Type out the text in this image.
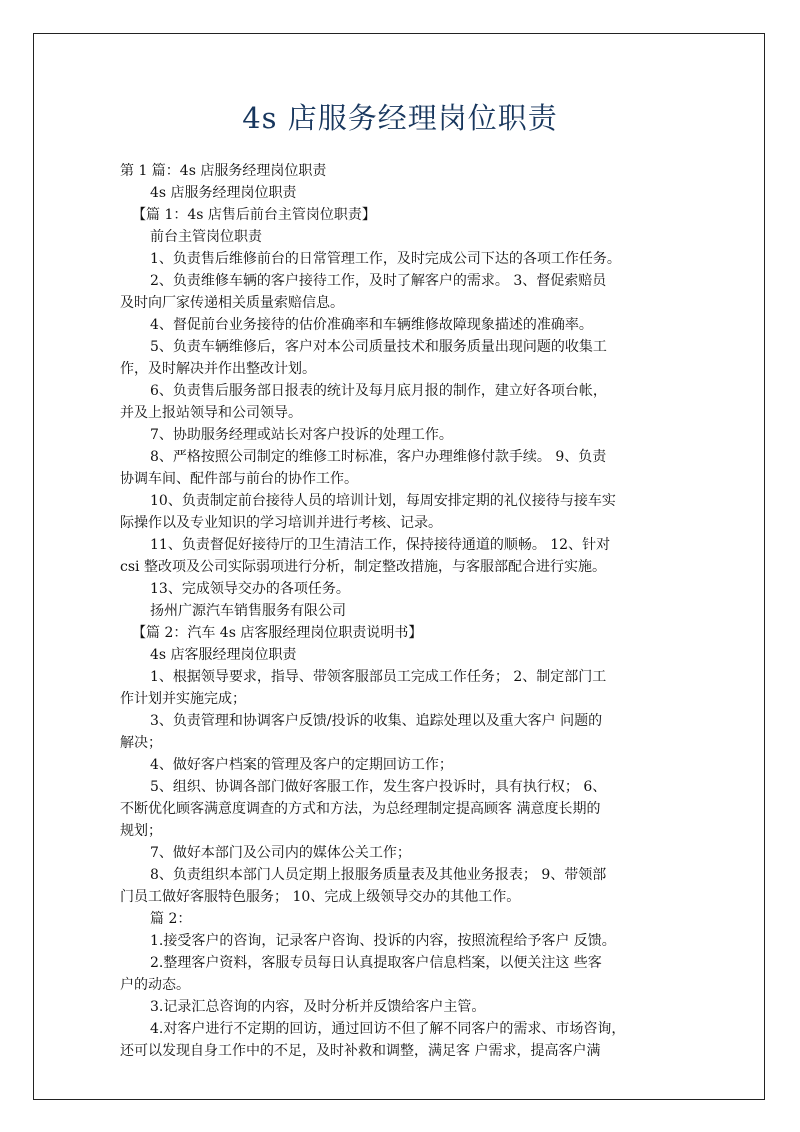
4s 店服务经理岗位职责
第 1 篇：4s 店服务经理岗位职责
4s 店服务经理岗位职责
【篇 1：4s 店售后前台主管岗位职责】
前台主管岗位职责
1、负责售后维修前台的日常管理工作，及时完成公司下达的各项工作任务。
2、负责维修车辆的客户接待工作，及时了解客户的需求。 3、督促索赔员
及时向厂家传递相关质量索赔信息。
4、督促前台业务接待的估价准确率和车辆维修故障现象描述的准确率。
5、负责车辆维修后，客户对本公司质量技术和服务质量出现问题的收集工
作，及时解决并作出整改计划。
6、负责售后服务部日报表的统计及每月底月报的制作，建立好各项台帐，
并及上报站领导和公司领导。
7、协助服务经理或站长对客户投诉的处理工作。
8、严格按照公司制定的维修工时标准，客户办理维修付款手续。 9、负责
协调车间、配件部与前台的协作工作。
10、负责制定前台接待人员的培训计划，每周安排定期的礼仪接待与接车实
际操作以及专业知识的学习培训并进行考核、记录。
11、负责督促好接待厅的卫生清洁工作，保持接待通道的顺畅。 12、针对
csi 整改项及公司实际弱项进行分析，制定整改措施，与客服部配合进行实施。
13、完成领导交办的各项任务。
扬州广源汽车销售服务有限公司
【篇 2：汽车 4s 店客服经理岗位职责说明书】
4s 店客服经理岗位职责
1、根据领导要求，指导、带领客服部员工完成工作任务； 2、制定部门工
作计划并实施完成；
3、负责管理和协调客户反馈/投诉的收集、追踪处理以及重大客户 问题的
解决；
4、做好客户档案的管理及客户的定期回访工作；
5、组织、协调各部门做好客服工作，发生客户投诉时，具有执行权； 6、
不断优化顾客满意度调查的方式和方法，为总经理制定提高顾客 满意度长期的
规划；
7、做好本部门及公司内的媒体公关工作；
8、负责组织本部门人员定期上报服务质量表及其他业务报表； 9、带领部
门员工做好客服特色服务； 10、完成上级领导交办的其他工作。
篇 2：
1.接受客户的咨询，记录客户咨询、投诉的内容，按照流程给予客户 反馈。
2.整理客户资料，客服专员每日认真提取客户信息档案，以便关注这 些客
户的动态。
3.记录汇总咨询的内容，及时分析并反馈给客户主管。
4.对客户进行不定期的回访，通过回访不但了解不同客户的需求、市场咨询，
还可以发现自身工作中的不足，及时补救和调整，满足客 户需求，提高客户满
